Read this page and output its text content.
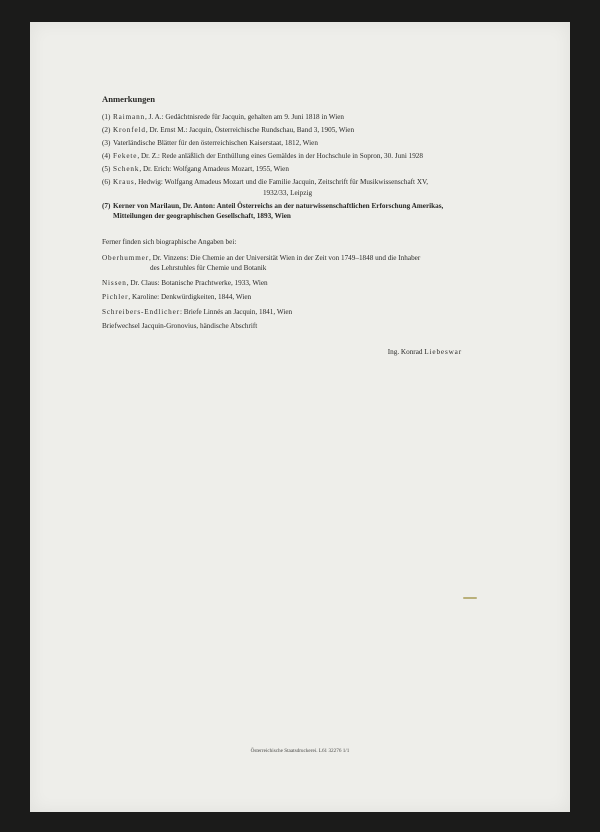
Anmerkungen
(1) Raimann, J. A.: Gedächtnisrede für Jacquin, gehalten am 9. Juni 1818 in Wien
(2) Kronfeld, Dr. Ernst M.: Jacquin, Österreichische Rundschau, Band 3, 1905, Wien
(3) Vaterländische Blätter für den österreichischen Kaiserstaat, 1812, Wien
(4) Fekete, Dr. Z.: Rede anläßlich der Enthüllung eines Gemäldes in der Hochschule in Sopron, 30. Juni 1928
(5) Schenk, Dr. Erich: Wolfgang Amadeus Mozart, 1955, Wien
(6) Kraus, Hedwig: Wolfgang Amadeus Mozart und die Familie Jacquin, Zeitschrift für Musikwissenschaft XV,
1932/33, Leipzig
(7) Kerner von Marilaun, Dr. Anton: Anteil Österreichs an der naturwissenschaftlichen Erforschung Amerikas, Mitteilungen der geographischen Gesellschaft, 1893, Wien
Ferner finden sich biographische Angaben bei:
Oberhummer, Dr. Vinzens: Die Chemie an der Universität Wien in der Zeit von 1749–1848 und die Inhaber
des Lehrstuhles für Chemie und Botanik
Nissen, Dr. Claus: Botanische Prachtwerke, 1933, Wien
Pichler, Karoline: Denkwürdigkeiten, 1844, Wien
Schreibers-Endlicher: Briefe Linnés an Jacquin, 1841, Wien
Briefwechsel Jacquin-Gronovius, händische Abschrift
Ing. Konrad Liebeswar
Österreichische Staatsdruckerei. L61 32276 1/1
